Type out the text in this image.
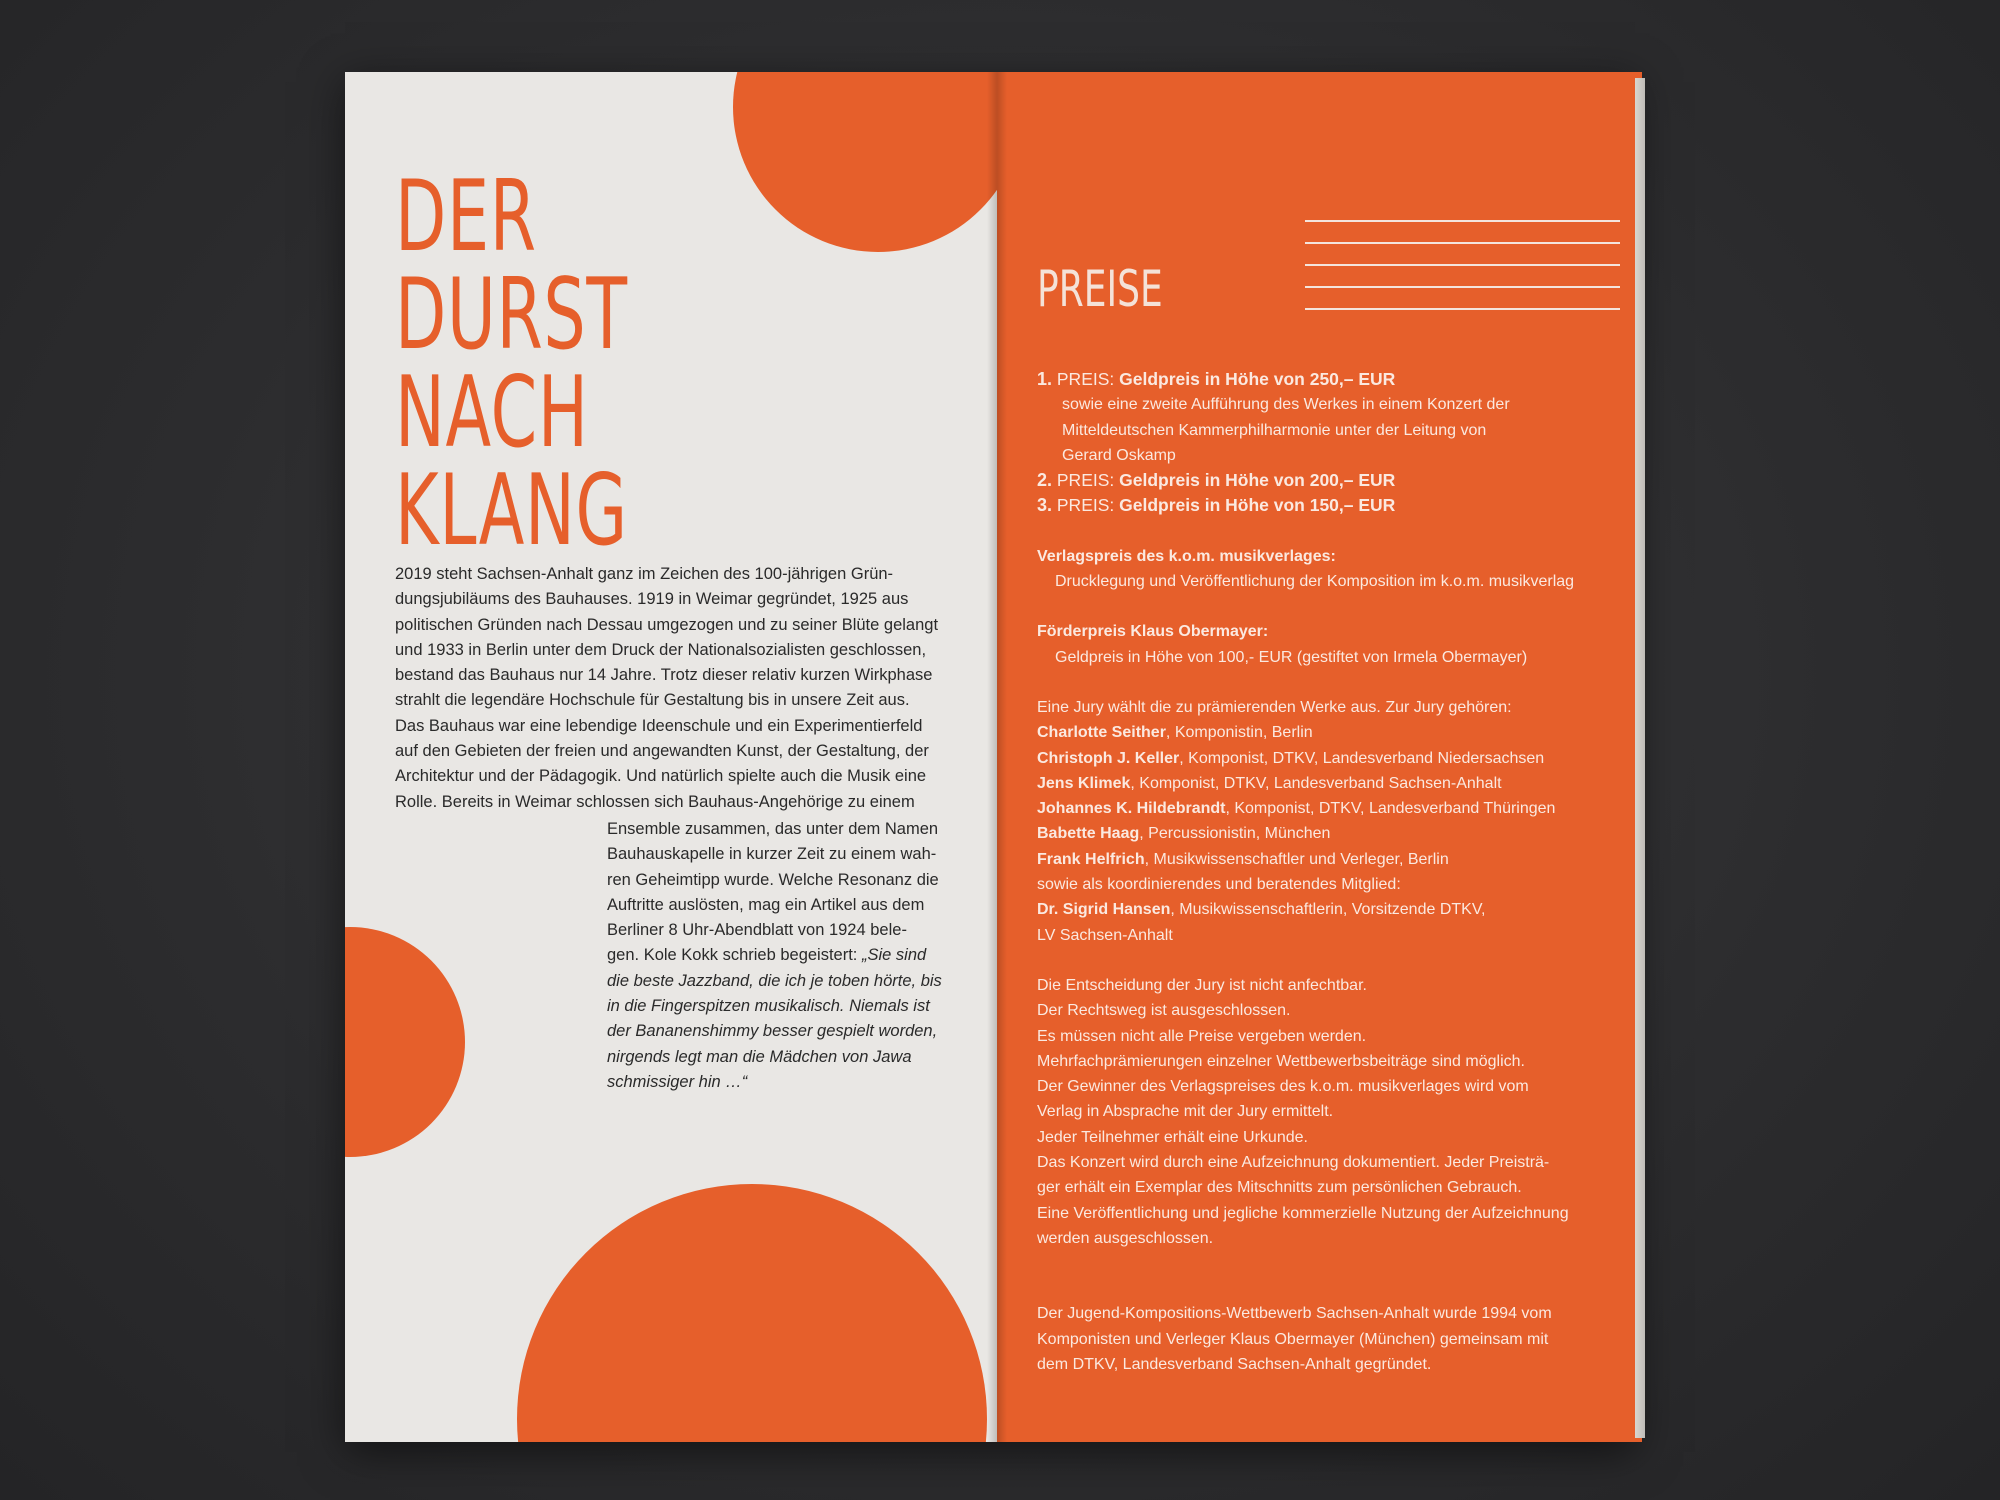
DER
DURST
NACH
KLANG

2019 steht Sachsen-Anhalt ganz im Zeichen des 100-jährigen Grün-

dungsjubiläums des Bauhauses. 1919 in Weimar gegründet, 1925 aus

politischen Gründen nach Dessau umgezogen und zu seiner Blüte gelangt

und 1933 in Berlin unter dem Druck der Nationalsozialisten geschlossen,

bestand das Bauhaus nur 14 Jahre. Trotz dieser relativ kurzen Wirkphase

strahlt die legendäre Hochschule für Gestaltung bis in unsere Zeit aus.

Das Bauhaus war eine lebendige Ideenschule und ein Experimentierfeld

auf den Gebieten der freien und angewandten Kunst, der Gestaltung, der

Architektur und der Pädagogik. Und natürlich spielte auch die Musik eine

Rolle. Bereits in Weimar schlossen sich Bauhaus-Angehörige zu einem

Ensemble zusammen, das unter dem Namen

Bauhauskapelle in kurzer Zeit zu einem wah-

ren Geheimtipp wurde. Welche Resonanz die

Auftritte auslösten, mag ein Artikel aus dem

Berliner 8 Uhr-Abendblatt von 1924 bele-

gen. Kole Kokk schrieb begeistert: „Sie sind

die beste Jazzband, die ich je toben hörte, bis

in die Fingerspitzen musikalisch. Niemals ist

der Bananenshimmy besser gespielt worden,

nirgends legt man die Mädchen von Jawa

schmissiger hin …“

PREISE
1. PREIS: Geldpreis in Höhe von 250,– EUR
sowie eine zweite Aufführung des Werkes in einem Konzert der
Mitteldeutschen Kammerphilharmonie unter der Leitung von
Gerard Oskamp
2. PREIS: Geldpreis in Höhe von 200,– EUR
3. PREIS: Geldpreis in Höhe von 150,– EUR
Verlagspreis des k.o.m. musikverlages:
Drucklegung und Veröffentlichung der Komposition im k.o.m. musikverlag
Förderpreis Klaus Obermayer:
Geldpreis in Höhe von 100,- EUR (gestiftet von Irmela Obermayer)
Eine Jury wählt die zu prämierenden Werke aus. Zur Jury gehören:
Charlotte Seither, Komponistin, Berlin
Christoph J. Keller, Komponist, DTKV, Landesverband Niedersachsen
Jens Klimek, Komponist, DTKV, Landesverband Sachsen-Anhalt
Johannes K. Hildebrandt, Komponist, DTKV, Landesverband Thüringen
Babette Haag, Percussionistin, München
Frank Helfrich, Musikwissenschaftler und Verleger, Berlin
sowie als koordinierendes und beratendes Mitglied:
Dr. Sigrid Hansen, Musikwissenschaftlerin, Vorsitzende DTKV,
LV Sachsen-Anhalt
Die Entscheidung der Jury ist nicht anfechtbar.
Der Rechtsweg ist ausgeschlossen.
Es müssen nicht alle Preise vergeben werden.
Mehrfachprämierungen einzelner Wettbewerbsbeiträge sind möglich.
Der Gewinner des Verlagspreises des k.o.m. musikverlages wird vom
Verlag in Absprache mit der Jury ermittelt.
Jeder Teilnehmer erhält eine Urkunde.
Das Konzert wird durch eine Aufzeichnung dokumentiert. Jeder Preisträ-
ger erhält ein Exemplar des Mitschnitts zum persönlichen Gebrauch.
Eine Veröffentlichung und jegliche kommerzielle Nutzung der Aufzeichnung
werden ausgeschlossen.
Der Jugend-Kompositions-Wettbewerb Sachsen-Anhalt wurde 1994 vom
Komponisten und Verleger Klaus Obermayer (München) gemeinsam mit
dem DTKV, Landesverband Sachsen-Anhalt gegründet.
